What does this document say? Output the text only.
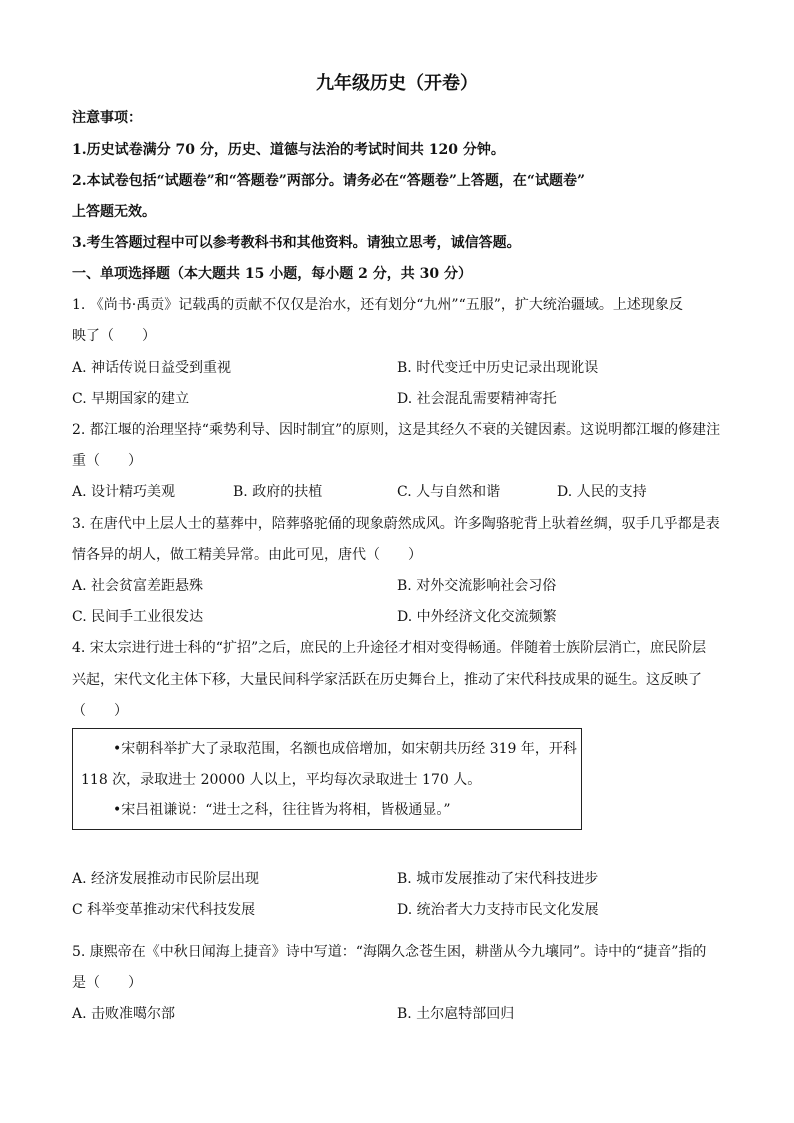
九年级历史（开卷）
注意事项：
1.历史试卷满分 70 分，历史、道德与法治的考试时间共 120 分钟。
2.本试卷包括“试题卷”和“答题卷”两部分。请务必在“答题卷”上答题，在“试题卷”
上答题无效。
3.考生答题过程中可以参考教科书和其他资料。请独立思考，诚信答题。
一、单项选择题（本大题共 15 小题，每小题 2 分，共 30 分）
1. 《尚书·禹贡》记载禹的贡献不仅仅是治水，还有划分“九州”“五服”，扩大统治疆域。上述现象反
映了（　　）
A. 神话传说日益受到重视	B. 时代变迁中历史记录出现讹误
C. 早期国家的建立	D. 社会混乱需要精神寄托
2. 都江堰的治理坚持“乘势利导、因时制宜”的原则，这是其经久不衰的关键因素。这说明都江堰的修建注
重（　　）
A. 设计精巧美观	B. 政府的扶植	C. 人与自然和谐	D. 人民的支持
3. 在唐代中上层人士的墓葬中，陪葬骆驼俑的现象蔚然成风。许多陶骆驼背上驮着丝绸，驭手几乎都是表
情各异的胡人，做工精美异常。由此可见，唐代（　　）
A. 社会贫富差距悬殊	B. 对外交流影响社会习俗
C. 民间手工业很发达	D. 中外经济文化交流频繁
4. 宋太宗进行进士科的“扩招”之后，庶民的上升途径才相对变得畅通。伴随着士族阶层消亡，庶民阶层
兴起，宋代文化主体下移，大量民间科学家活跃在历史舞台上，推动了宋代科技成果的诞生。这反映了
（　　）
•宋朝科举扩大了录取范围，名额也成倍增加，如宋朝共历经 319 年，开科
118 次，录取进士 20000 人以上，平均每次录取进士 170 人。
•宋吕祖谦说：“进士之科，往往皆为将相，皆极通显。”
A. 经济发展推动市民阶层出现	B. 城市发展推动了宋代科技进步
C 科举变革推动宋代科技发展	D. 统治者大力支持市民文化发展
5. 康熙帝在《中秋日闻海上捷音》诗中写道：“海隅久念苍生困，耕凿从今九壤同”。诗中的“捷音”指的
是（　　）
A. 击败准噶尔部	B. 土尔扈特部回归
